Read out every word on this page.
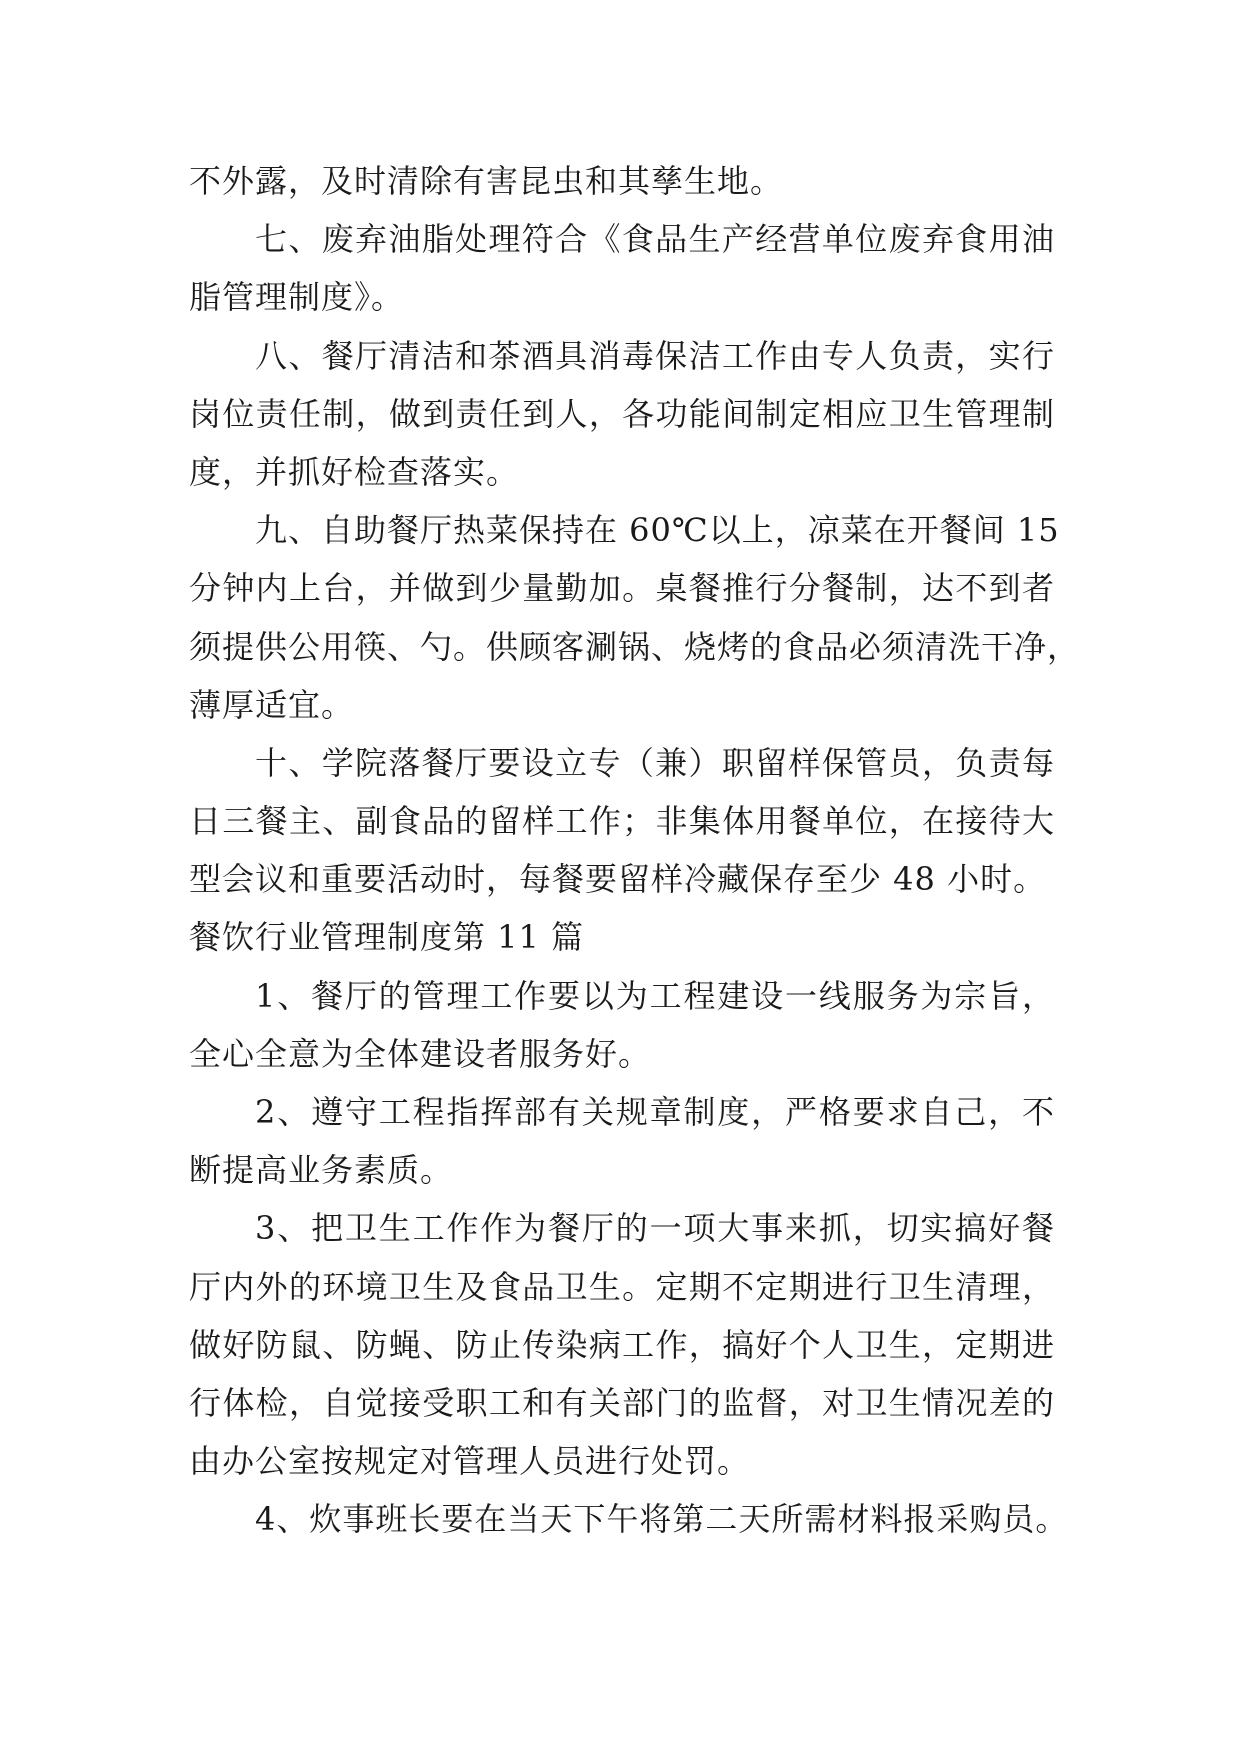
不外露，及时清除有害昆虫和其孳生地。
七、废弃油脂处理符合《食品生产经营单位废弃食用油
脂管理制度》。
八、餐厅清洁和茶酒具消毒保洁工作由专人负责，实行
岗位责任制，做到责任到人，各功能间制定相应卫生管理制
度，并抓好检查落实。
九、自助餐厅热菜保持在 60℃以上，凉菜在开餐间 15
分钟内上台，并做到少量勤加。桌餐推行分餐制，达不到者
须提供公用筷、勺。供顾客涮锅、烧烤的食品必须清洗干净，
薄厚适宜。
十、学院落餐厅要设立专（兼）职留样保管员，负责每
日三餐主、副食品的留样工作；非集体用餐单位，在接待大
型会议和重要活动时，每餐要留样冷藏保存至少 48 小时。
餐饮行业管理制度第 11 篇
1、餐厅的管理工作要以为工程建设一线服务为宗旨，
全心全意为全体建设者服务好。
2、遵守工程指挥部有关规章制度，严格要求自己，不
断提高业务素质。
3、把卫生工作作为餐厅的一项大事来抓，切实搞好餐
厅内外的环境卫生及食品卫生。定期不定期进行卫生清理，
做好防鼠、防蝇、防止传染病工作，搞好个人卫生，定期进
行体检，自觉接受职工和有关部门的监督，对卫生情况差的
由办公室按规定对管理人员进行处罚。
4、炊事班长要在当天下午将第二天所需材料报采购员。
